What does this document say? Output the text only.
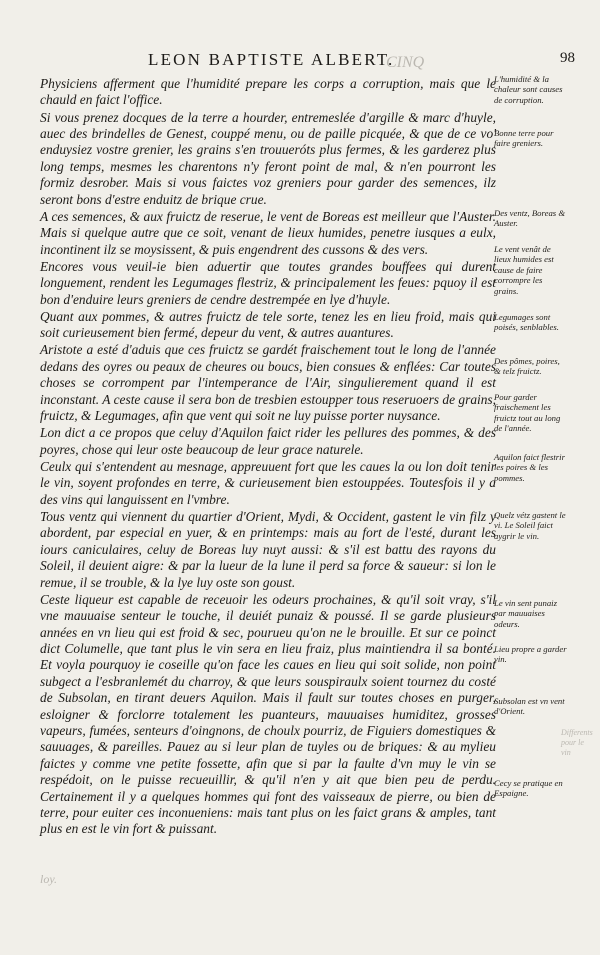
LEON BAPTISTE ALBERT.	98
CINQ

Physiciens afferment que l'humidité prepare les corps a corruption, mais que le chauld en faict l'office.

Si vous prenez docques de la terre a hourder, entremeslée d'argille & marc d'huyle, auec des brindelles de Genest, couppé menu, ou de paille picquée, & que de ce vo' enduysiez vostre grenier, les grains s'en trouueróts plus fermes, & les garderez plus long temps, mesmes les charentons n'y feront point de mal, & n'en pourront les formiz desrober. Mais si vous faictes voz greniers pour garder des semences, ilz seront bons d'estre enduitz de brique crue.

A ces semences, & aux fruictz de reserue, le vent de Boreas est meilleur que l'Auster. Mais si quelque autre que ce soit, venant de lieux humides, penetre iusques a eulx, incontinent ilz se moysissent, & puis engendrent des cussons & des vers.

Encores vous veuil-ie bien aduertir que toutes grandes bouffees qui durent longuement, rendent les Legumages flestriz, & principalement les feues: pquoy il est bon d'enduire leurs greniers de cendre destrempée en lye d'huyle.

Quant aux pommes, & autres fruictz de tele sorte, tenez les en lieu froid, mais qui soit curieusement bien fermé, depeur du vent, & autres auantures.

Aristote a esté d'aduis que ces fruictz se gardét fraischement tout le long de l'année dedans des oyres ou peaux de cheures ou boucs, bien consues & enflées: Car toutes choses se corrompent par l'intemperance de l'Air, singulierement quand il est inconstant. A ceste cause il sera bon de tresbien estoupper tous reseruoers de grains, fruictz, & Legumages, afin que vent qui soit ne luy puisse porter nuysance.

Lon dict a ce propos que celuy d'Aquilon faict rider les pellures des pommes, & des poyres, chose qui leur oste beaucoup de leur grace naturele.

Ceulx qui s'entendent au mesnage, appreuuent fort que les caues la ou lon doit tenir le vin, soyent profondes en terre, & curieusement bien estouppées. Toutesfois il y a des vins qui languissent en l'vmbre.

Tous ventz qui viennent du quartier d'Orient, Mydi, & Occident, gastent le vin filz y abordent, par especial en yuer, & en printemps: mais au fort de l'esté, durant les iours caniculaires, celuy de Boreas luy nuyt aussi: & s'il est battu des rayons du Soleil, il deuient aigre: & par la lueur de la lune il perd sa force & saueur: si lon le remue, il se trouble, & la lye luy oste son goust.

Ceste liqueur est capable de receuoir les odeurs prochaines, & qu'il soit vray, s'il vne mauuaise senteur le touche, il deuiét punaiz & poussé. Il se garde plusieurs années en vn lieu qui est froid & sec, pourueu qu'on ne le brouille. Et sur ce poinct dict Columelle, que tant plus le vin sera en lieu fraiz, plus maintiendra il sa bonté. Et voyla pourquoy ie coseille qu'on face les caues en lieu qui soit solide, non point subgect a l'esbranlemét du charroy, & que leurs souspiraulx soient tournez du costé de Subsolan, en tirant deuers Aquilon. Mais il fault sur toutes choses en purger, esloigner & forclorre totalement les puanteurs, mauuaises humiditez, grosses vapeurs, fumées, senteurs d'oingnons, de choulx pourriz, de Figuiers domestiques & sauuages, & pareilles. Pauez au si leur plan de tuyles ou de briques: & au mylieu faictes y comme vne petite fossette, afin que si par la faulte d'vn muy le vin se respédoit, on le puisse recueuillir, & qu'il n'en y ait que bien peu de perdu. Certainement il y a quelques hommes qui font des vaisseaux de pierre, ou bien de terre, pour euiter ces inconueniens: mais tant plus on les faict grans & amples, tant plus en est le vin fort & puissant.

L'humidité & la chaleur sont causes de corruption.
Bonne terre pour faire greniers.
Des ventz, Boreas & Auster.
Le vent venât de lieux humides est cause de faire corrompre les grains.
Legumages sont poisés, senblables.
Des pômes, poires, & telz fruictz.
Pour garder fraischement les fruictz tout au long de l'année.
Aquilon faict flestrir les poires & les pommes.
Quelz vétz gastent le vi. Le Soleil faict aygrir le vin.
Le vin sent punaiz par mauuaises odeurs.
Lieu propre a garder vin.
Subsolan est vn vent d'Orient.
Cecy se pratique en Espaigne.
Differents pour le vin
loy.
